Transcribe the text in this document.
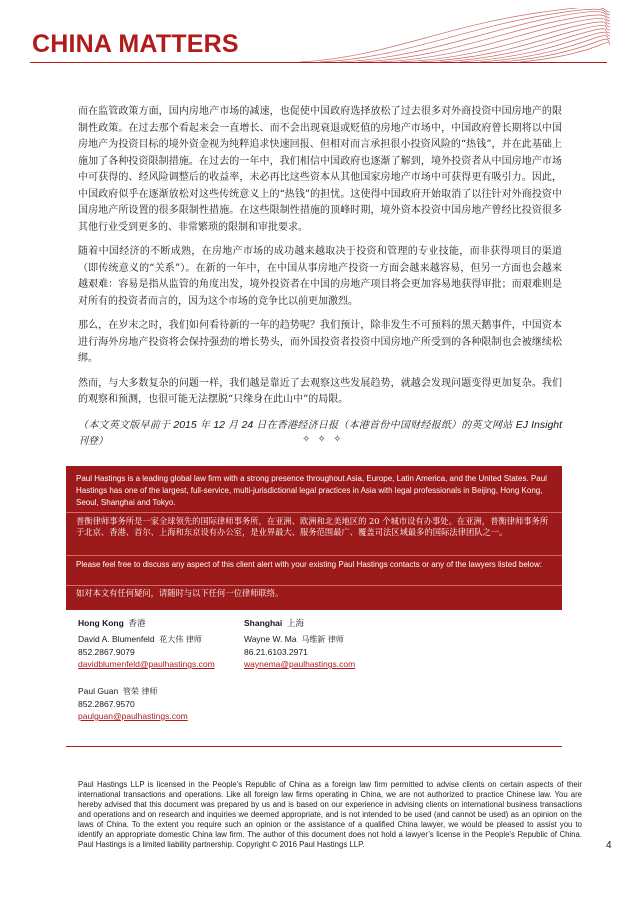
CHINA MATTERS

而在监管政策方面，国内房地产市场的减速，也促使中国政府选择放松了过去很多对外商投资中国房地产的限制性政策。在过去那个看起来会一直增长、而不会出现衰退或贬值的房地产市场中，中国政府曾长期将以中国房地产为投资目标的境外资金视为纯粹追求快速回报、但相对而言承担很小投资风险的“热钱”，并在此基础上施加了各种投资限制措施。在过去的一年中，我们相信中国政府也逐渐了解到，境外投资者从中国房地产市场中可获得的、经风险调整后的收益率，未必再比这些资本从其他国家房地产市场中可获得更有吸引力。因此，中国政府似乎在逐渐放松对这些传统意义上的“热钱”的担忧。这使得中国政府开始取消了以往针对外商投资中国房地产所设置的很多限制性措施。在这些限制性措施的顶峰时期，境外资本投资中国房地产曾经比投资很多其他行业受到更多的、非常繁琐的限制和审批要求。

随着中国经济的不断成熟，在房地产市场的成功越来越取决于投资和管理的专业技能，而非获得项目的渠道（即传统意义的“关系”）。在新的一年中，在中国从事房地产投资一方面会越来越容易，但另一方面也会越来越艰难：容易是指从监管的角度出发，境外投资者在中国的房地产项目将会更加容易地获得审批；而艰难则是对所有的投资者而言的，因为这个市场的竞争比以前更加激烈。

那么，在岁末之时，我们如何看待新的一年的趋势呢？我们预计，除非发生不可预料的黑天鹅事件，中国资本进行海外房地产投资将会保持强劲的增长势头，而外国投资者投资中国房地产所受到的各种限制也会被继续松绑。

然而，与大多数复杂的问题一样，我们越是靠近了去观察这些发展趋势，就越会发现问题变得更加复杂。我们的观察和预测，也很可能无法摆脱“只缘身在此山中”的局限。

（本文英文版早前于 2015 年 12 月 24 日在香港经济日报（本港首份中国财经报纸）的英文网站 EJ Insight 刊登）	✧ ✧ ✧
Paul Hastings is a leading global law firm with a strong presence throughout Asia, Europe, Latin America, and the United States. Paul Hastings has one of the largest, full-service, multi-jurisdictional legal practices in Asia with legal professionals in Beijing, Hong Kong, Seoul, Shanghai and Tokyo.
普衡律师事务所是一家全球领先的国际律师事务所，在亚洲、欧洲和北美地区的 20 个城市设有办事处。在亚洲，普衡律师事务所于北京、香港、首尔、上海和东京设有办公室，是业界最大、服务范围最广、覆盖司法区域最多的国际法律团队之一。
Please feel free to discuss any aspect of this client alert with your existing Paul Hastings contacts or any of the lawyers listed below:
如对本文有任何疑问，请随时与以下任何一位律师联络。
Hong Kong 香港
David A. Blumenfeld 花大伟 律师
852.2867.9079
davidblumenfeld@paulhastings.com
Paul Guan 管荣 律师
852.2867.9570
paulguan@paulhastings.com
Shanghai 上海
Wayne W. Ma 马维新 律师
86.21.6103.2971
waynema@paulhastings.com
Paul Hastings LLP is licensed in the People’s Republic of China as a foreign law firm permitted to advise clients on certain aspects of their international transactions and operations. Like all foreign law firms operating in China, we are not authorized to practice Chinese law. You are hereby advised that this document was prepared by us and is based on our experience in advising clients on international business transactions and operations and on research and inquiries we deemed appropriate, and is not intended to be used (and cannot be used) as an opinion on the laws of China. To the extent you require such an opinion or the assistance of a qualified China lawyer, we would be pleased to assist you to identify an appropriate domestic China law firm. The author of this document does not hold a lawyer’s license in the People’s Republic of China. Paul Hastings is a limited liability partnership. Copyright © 2016 Paul Hastings LLP.	4
